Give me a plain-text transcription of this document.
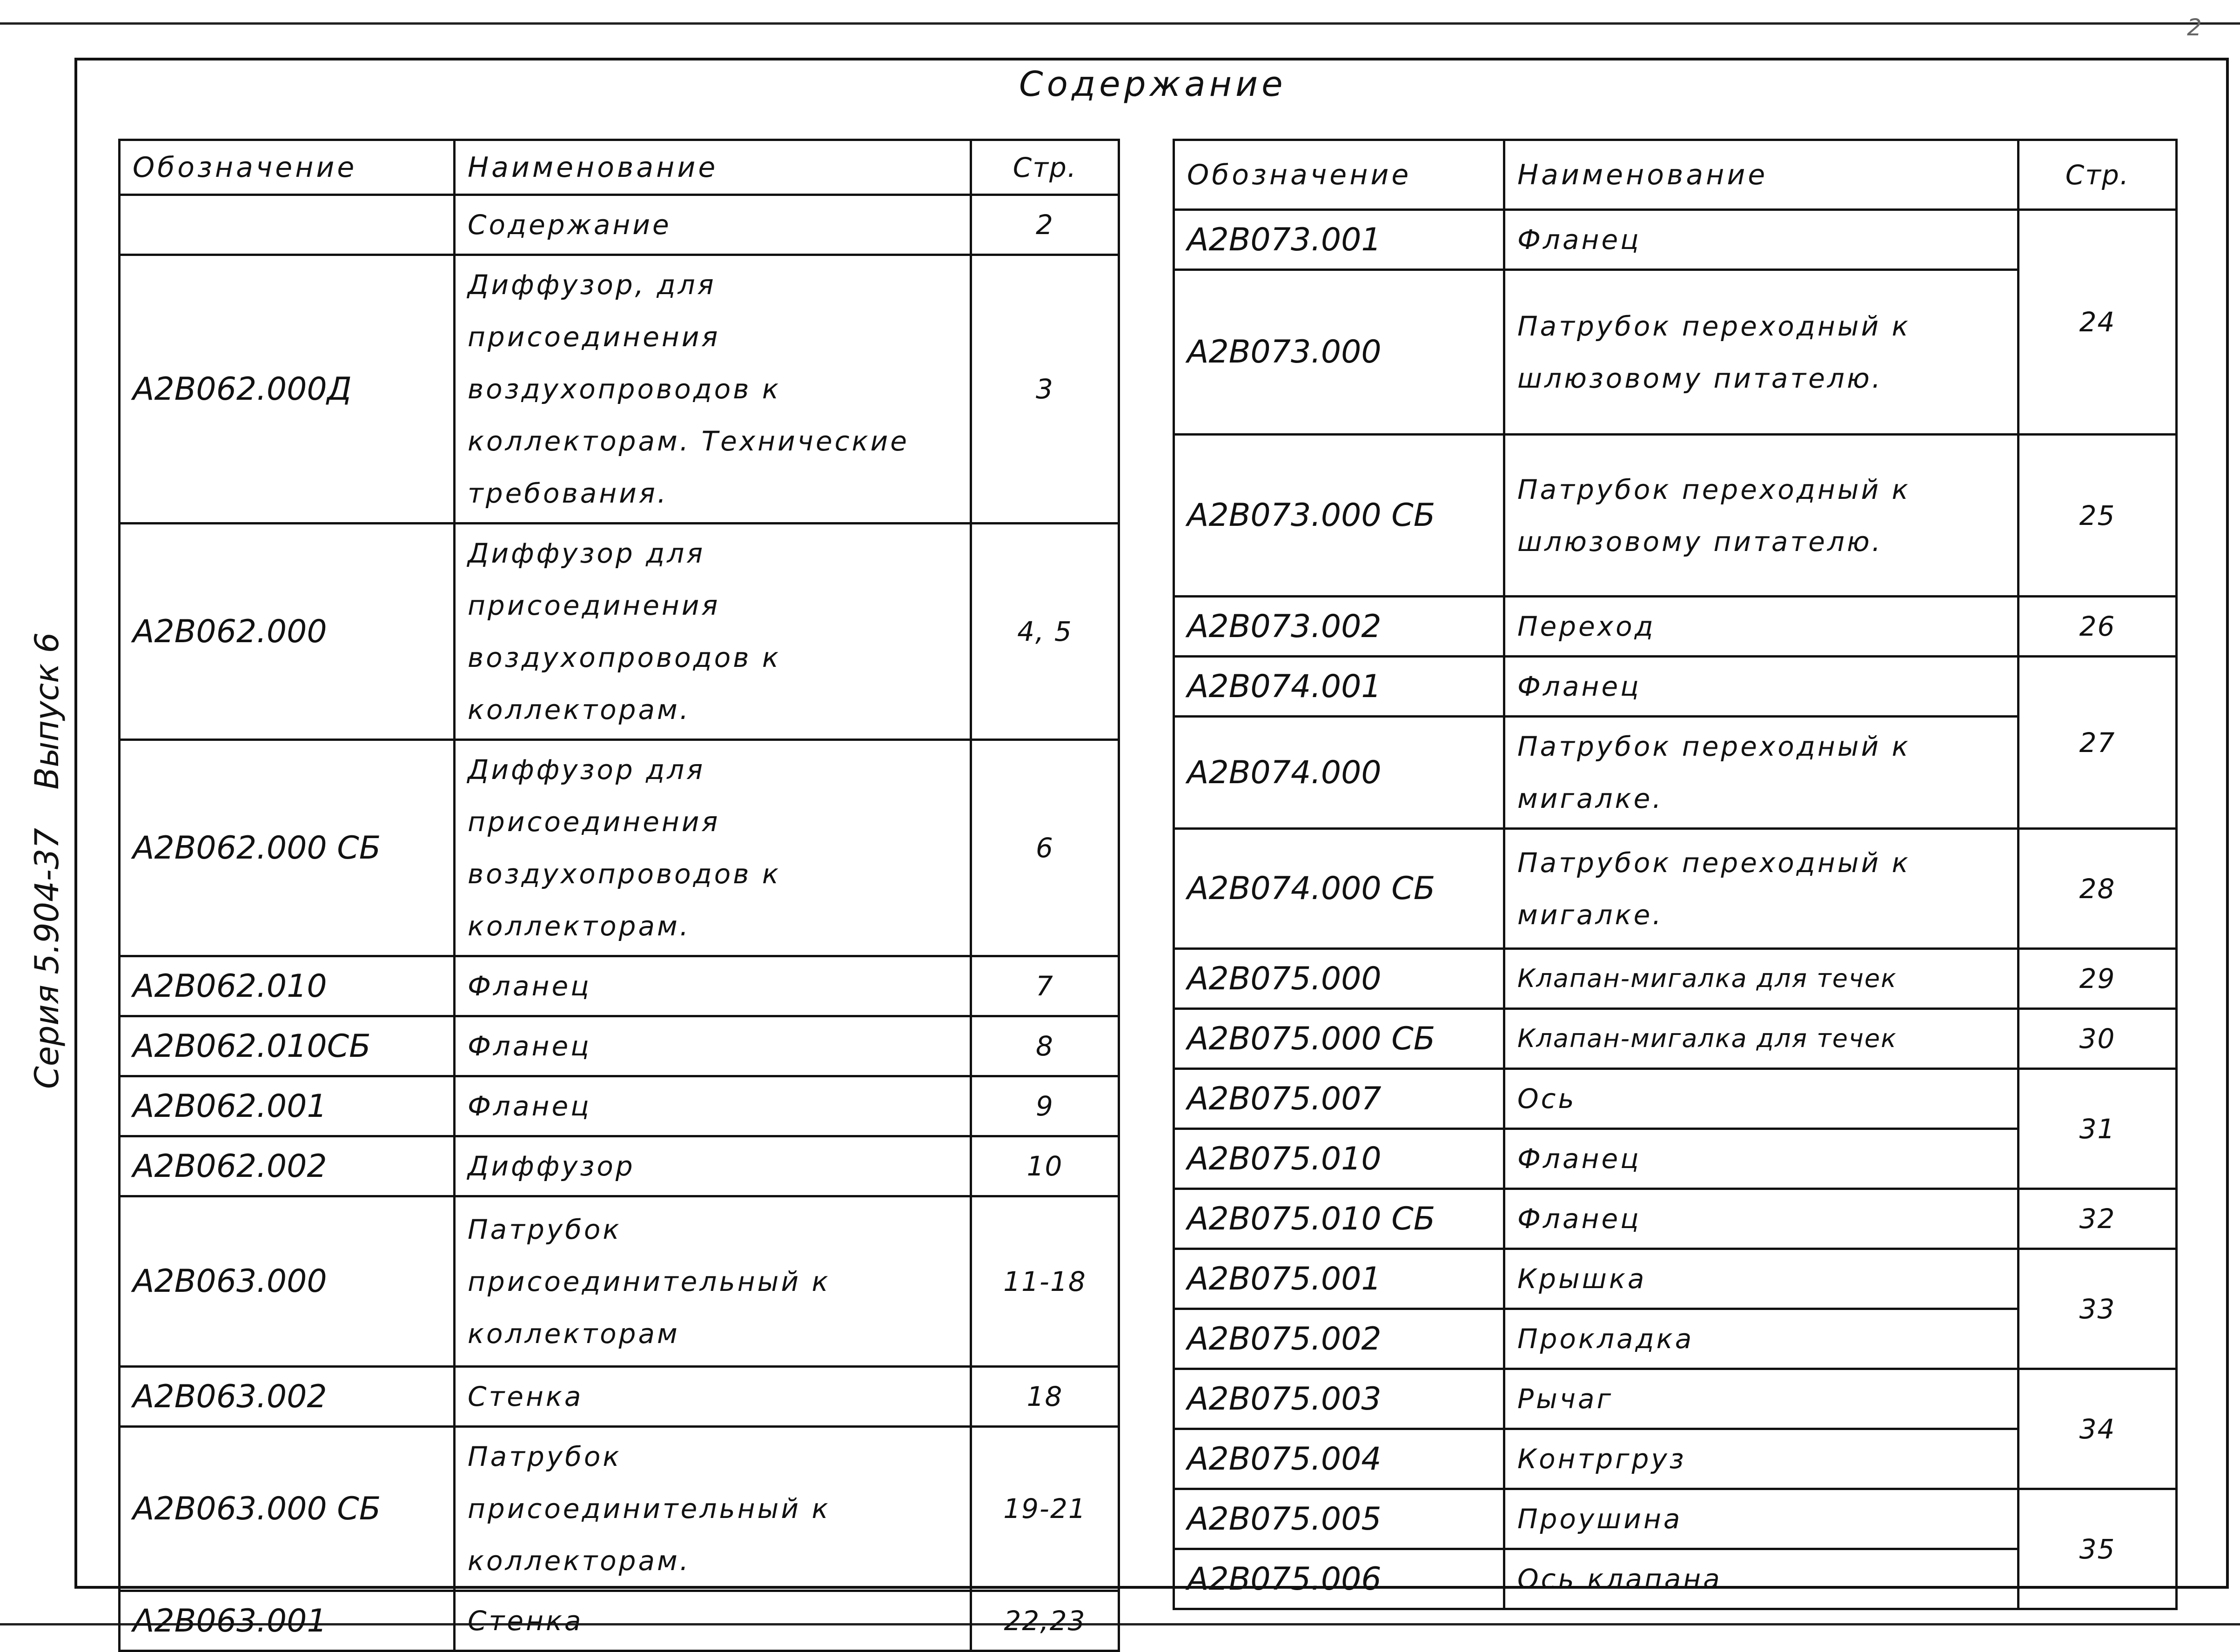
2
Содержание
Серия 5.904-37 Выпуск 6
Обозначение	Наименование	Стр.
	Содержание	2
А2В062.000Д	Диффузор, для присоединения воздухопроводов к коллекторам. Технические требования.	3
А2В062.000	Диффузор для присоединения воздухопроводов к коллекторам.	4, 5
А2В062.000 СБ	Диффузор для присоединения воздухопроводов к коллекторам.	6
А2В062.010	Фланец	7
А2В062.010СБ	Фланец	8
А2В062.001	Фланец	9
А2В062.002	Диффузор	10
А2В063.000	Патрубок присоединительный к коллекторам	11-18
А2В063.002	Стенка	18
А2В063.000 СБ	Патрубок присоединительный к коллекторам.	19-21
А2В063.001	Стенка	22,23
Обозначение	Наименование	Стр.
А2В073.001	Фланец	24
А2В073.000	Патрубок переходный к шлюзовому питателю.	
А2В073.000 СБ	Патрубок переходный к шлюзовому питателю.	25
А2В073.002	Переход	26
А2В074.001	Фланец	27
А2В074.000	Патрубок переходный к мигалке.	
А2В074.000 СБ	Патрубок переходный к мигалке.	28
А2В075.000	Клапан-мигалка для течек	29
А2В075.000 СБ	Клапан-мигалка для течек	30
А2В075.007	Ось	31
А2В075.010	Фланец	
А2В075.010 СБ	Фланец	32
А2В075.001	Крышка	33
А2В075.002	Прокладка	
А2В075.003	Рычаг	34
А2В075.004	Контргруз	
А2В075.005	Проушина	35
А2В075.006	Ось клапана	
